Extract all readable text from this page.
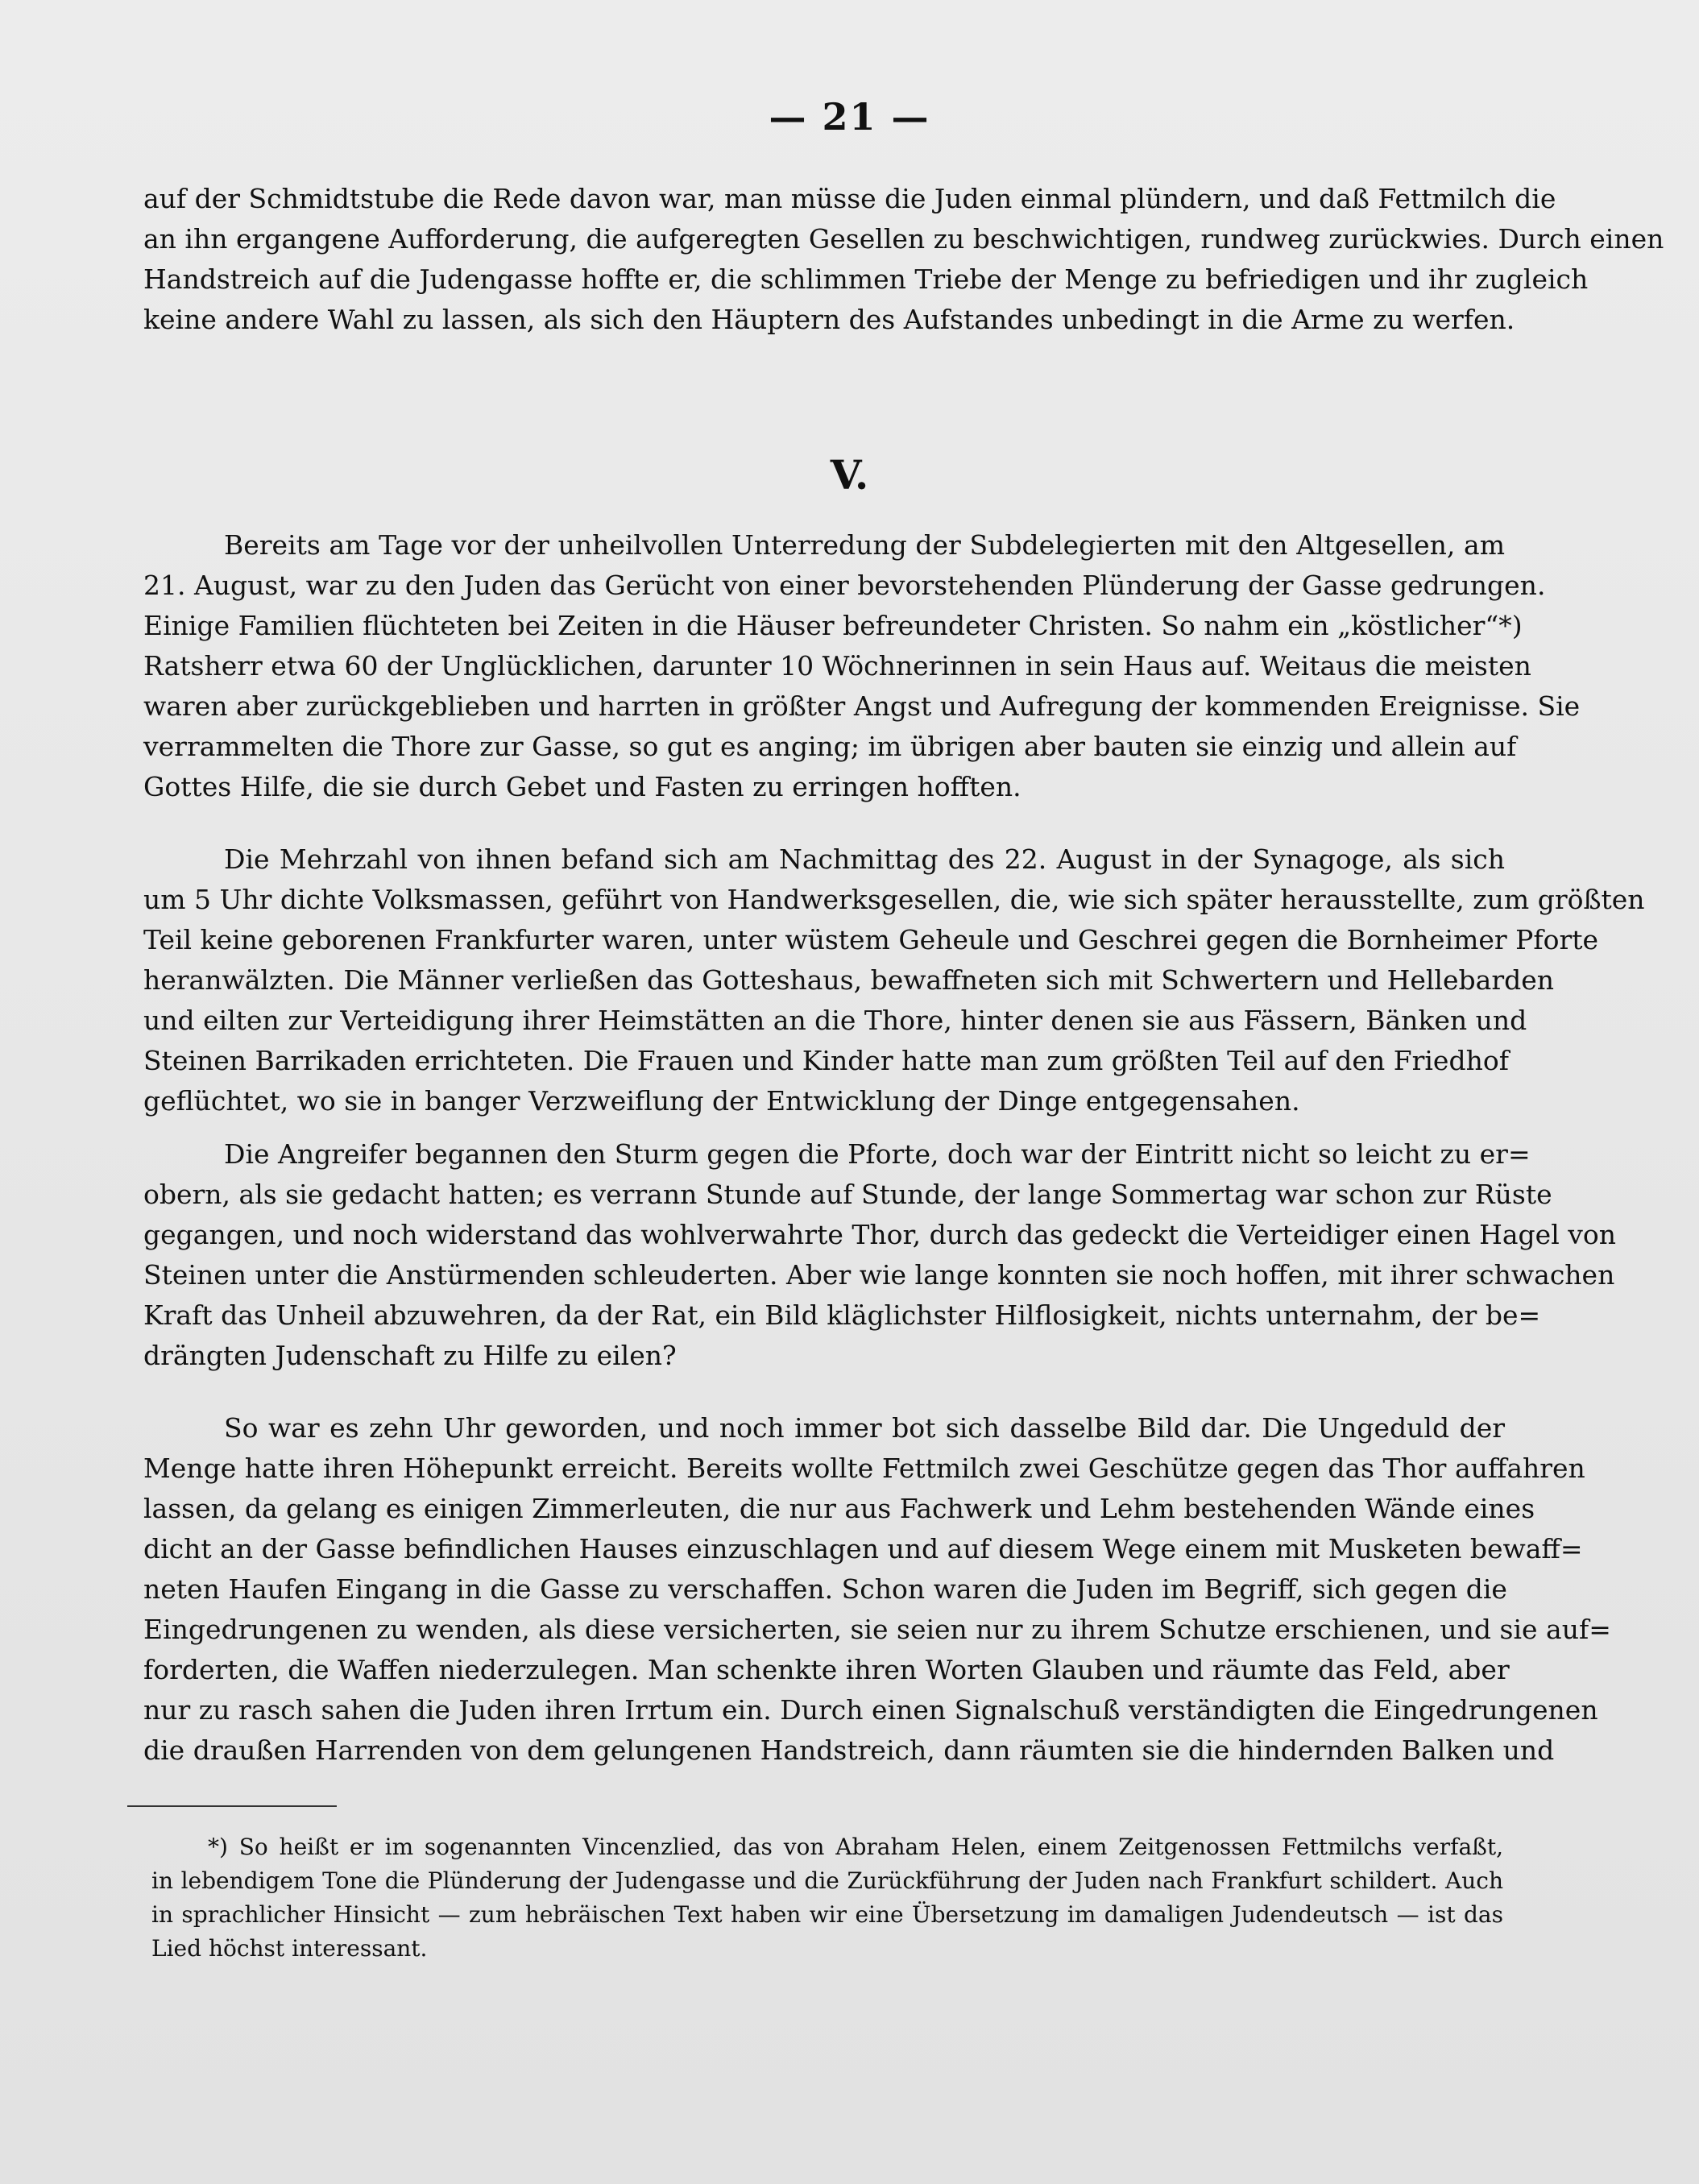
— 21 —
auf der Schmidtstube die Rede davon war, man müsse die Juden einmal plündern, und daß Fettmilch die
an ihn ergangene Aufforderung, die aufgeregten Gesellen zu beschwichtigen, rundweg zurückwies. Durch einen
Handstreich auf die Judengasse hoffte er, die schlimmen Triebe der Menge zu befriedigen und ihr zugleich
keine andere Wahl zu lassen, als sich den Häuptern des Aufstandes unbedingt in die Arme zu werfen.
V.
Bereits am Tage vor der unheilvollen Unterredung der Subdelegierten mit den Altgesellen, am
21. August, war zu den Juden das Gerücht von einer bevorstehenden Plünderung der Gasse gedrungen.
Einige Familien flüchteten bei Zeiten in die Häuser befreundeter Christen. So nahm ein „köstlicher“*)
Ratsherr etwa 60 der Unglücklichen, darunter 10 Wöchnerinnen in sein Haus auf. Weitaus die meisten
waren aber zurückgeblieben und harrten in größter Angst und Aufregung der kommenden Ereignisse. Sie
verrammelten die Thore zur Gasse, so gut es anging; im übrigen aber bauten sie einzig und allein auf
Gottes Hilfe, die sie durch Gebet und Fasten zu erringen hofften.
Die Mehrzahl von ihnen befand sich am Nachmittag des 22. August in der Synagoge, als sich
um 5 Uhr dichte Volksmassen, geführt von Handwerksgesellen, die, wie sich später herausstellte, zum größten
Teil keine geborenen Frankfurter waren, unter wüstem Geheule und Geschrei gegen die Bornheimer Pforte
heranwälzten. Die Männer verließen das Gotteshaus, bewaffneten sich mit Schwertern und Hellebarden
und eilten zur Verteidigung ihrer Heimstätten an die Thore, hinter denen sie aus Fässern, Bänken und
Steinen Barrikaden errichteten. Die Frauen und Kinder hatte man zum größten Teil auf den Friedhof
geflüchtet, wo sie in banger Verzweiflung der Entwicklung der Dinge entgegensahen.
Die Angreifer begannen den Sturm gegen die Pforte, doch war der Eintritt nicht so leicht zu er=
obern, als sie gedacht hatten; es verrann Stunde auf Stunde, der lange Sommertag war schon zur Rüste
gegangen, und noch widerstand das wohlverwahrte Thor, durch das gedeckt die Verteidiger einen Hagel von
Steinen unter die Anstürmenden schleuderten. Aber wie lange konnten sie noch hoffen, mit ihrer schwachen
Kraft das Unheil abzuwehren, da der Rat, ein Bild kläglichster Hilflosigkeit, nichts unternahm, der be=
drängten Judenschaft zu Hilfe zu eilen?
So war es zehn Uhr geworden, und noch immer bot sich dasselbe Bild dar. Die Ungeduld der
Menge hatte ihren Höhepunkt erreicht. Bereits wollte Fettmilch zwei Geschütze gegen das Thor auffahren
lassen, da gelang es einigen Zimmerleuten, die nur aus Fachwerk und Lehm bestehenden Wände eines
dicht an der Gasse befindlichen Hauses einzuschlagen und auf diesem Wege einem mit Musketen bewaff=
neten Haufen Eingang in die Gasse zu verschaffen. Schon waren die Juden im Begriff, sich gegen die
Eingedrungenen zu wenden, als diese versicherten, sie seien nur zu ihrem Schutze erschienen, und sie auf=
forderten, die Waffen niederzulegen. Man schenkte ihren Worten Glauben und räumte das Feld, aber
nur zu rasch sahen die Juden ihren Irrtum ein. Durch einen Signalschuß verständigten die Eingedrungenen
die draußen Harrenden von dem gelungenen Handstreich, dann räumten sie die hindernden Balken und
*) So heißt er im sogenannten Vincenzlied, das von Abraham Helen, einem Zeitgenossen Fettmilchs verfaßt,
in lebendigem Tone die Plünderung der Judengasse und die Zurückführung der Juden nach Frankfurt schildert. Auch
in sprachlicher Hinsicht — zum hebräischen Text haben wir eine Übersetzung im damaligen Judendeutsch — ist das
Lied höchst interessant.
